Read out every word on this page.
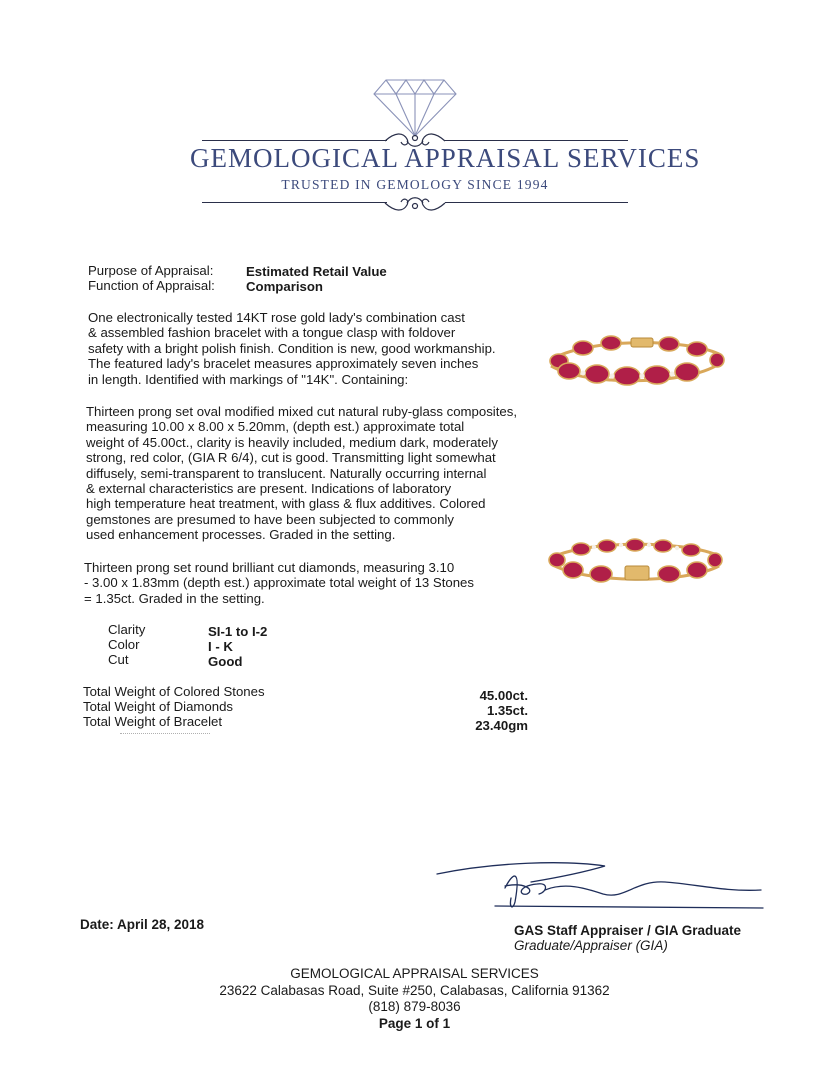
GEMOLOGICAL APPRAISAL SERVICES
TRUSTED IN GEMOLOGY SINCE 1994
Purpose of Appraisal: Estimated Retail Value
Function of Appraisal: Comparison
One electronically tested 14KT rose gold lady's combination cast
& assembled fashion bracelet with a tongue clasp with foldover
safety with a bright polish finish. Condition is new, good workmanship.
The featured lady's bracelet measures approximately seven inches
in length. Identified with markings of "14K". Containing:
Thirteen prong set oval modified mixed cut natural ruby-glass composites,
measuring 10.00 x 8.00 x 5.20mm, (depth est.) approximate total
weight of 45.00ct., clarity is heavily included, medium dark, moderately
strong, red color, (GIA R 6/4), cut is good. Transmitting light somewhat
diffusely, semi-transparent to translucent. Naturally occurring internal
& external characteristics are present. Indications of laboratory
high temperature heat treatment, with glass & flux additives. Colored
gemstones are presumed to have been subjected to commonly
used enhancement processes. Graded in the setting.
Thirteen prong set round brilliant cut diamonds, measuring 3.10
- 3.00 x 1.83mm (depth est.) approximate total weight of 13 Stones
= 1.35ct. Graded in the setting.
Clarity	SI-1 to I-2
Color	I - K
Cut	Good
Total Weight of Colored Stones	45.00ct.
Total Weight of Diamonds	1.35ct.
Total Weight of Bracelet	23.40gm
Date: April 28, 2018	GAS Staff Appraiser / GIA Graduate
Graduate/Appraiser (GIA)
GEMOLOGICAL APPRAISAL SERVICES
23622 Calabasas Road, Suite #250, Calabasas, California 91362
(818) 879-8036
Page 1 of 1
